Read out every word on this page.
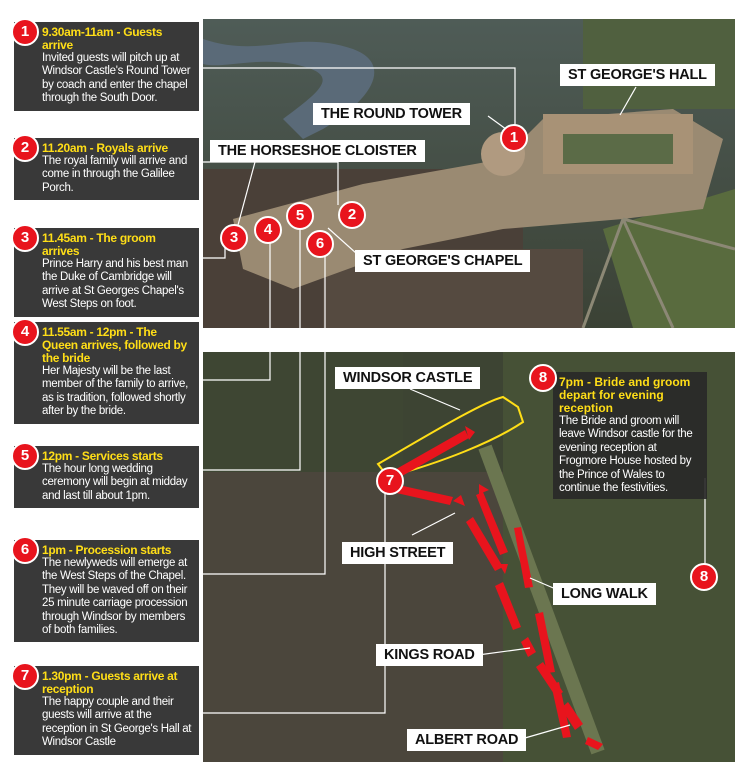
THE ROUND TOWER
ST GEORGE'S HALL
THE HORSESHOE CLOISTER
ST GEORGE'S CHAPEL
1
2
3	4
5
6
WINDSOR CASTLE
HIGH STREET
LONG WALK
KINGS ROAD
ALBERT ROAD
7
8
8 7pm - Bride and groom depart for evening reception
The Bride and groom will leave Windsor castle for the evening reception at Frogmore House hosted by the Prince of Wales to continue the festivities.
1	9.30am-11am - Guests arrive
Invited guests will pitch up at Windsor Castle's Round Tower by coach and enter the chapel through the South Door.
2	11.20am - Royals arrive
The royal family will arrive and come in through the Galilee Porch.
3	11.45am - The groom arrives
Prince Harry and his best man the Duke of Cambridge will arrive at St Georges Chapel's West Steps on foot.
4	11.55am - 12pm - The Queen arrives, followed by the bride
Her Majesty will be the last member of the family to arrive, as is tradition, followed shortly after by the bride.
5	12pm - Services starts
The hour long wedding ceremony will begin at midday and last till about 1pm.
6	1pm - Procession starts
The newlyweds will emerge at the West Steps of the Chapel. They will be waved off on their 25 minute carriage procession through Windsor by members of both families.
7	1.30pm - Guests arrive at reception
The happy couple and their guests will arrive at the reception in St George's Hall at Windsor Castle
